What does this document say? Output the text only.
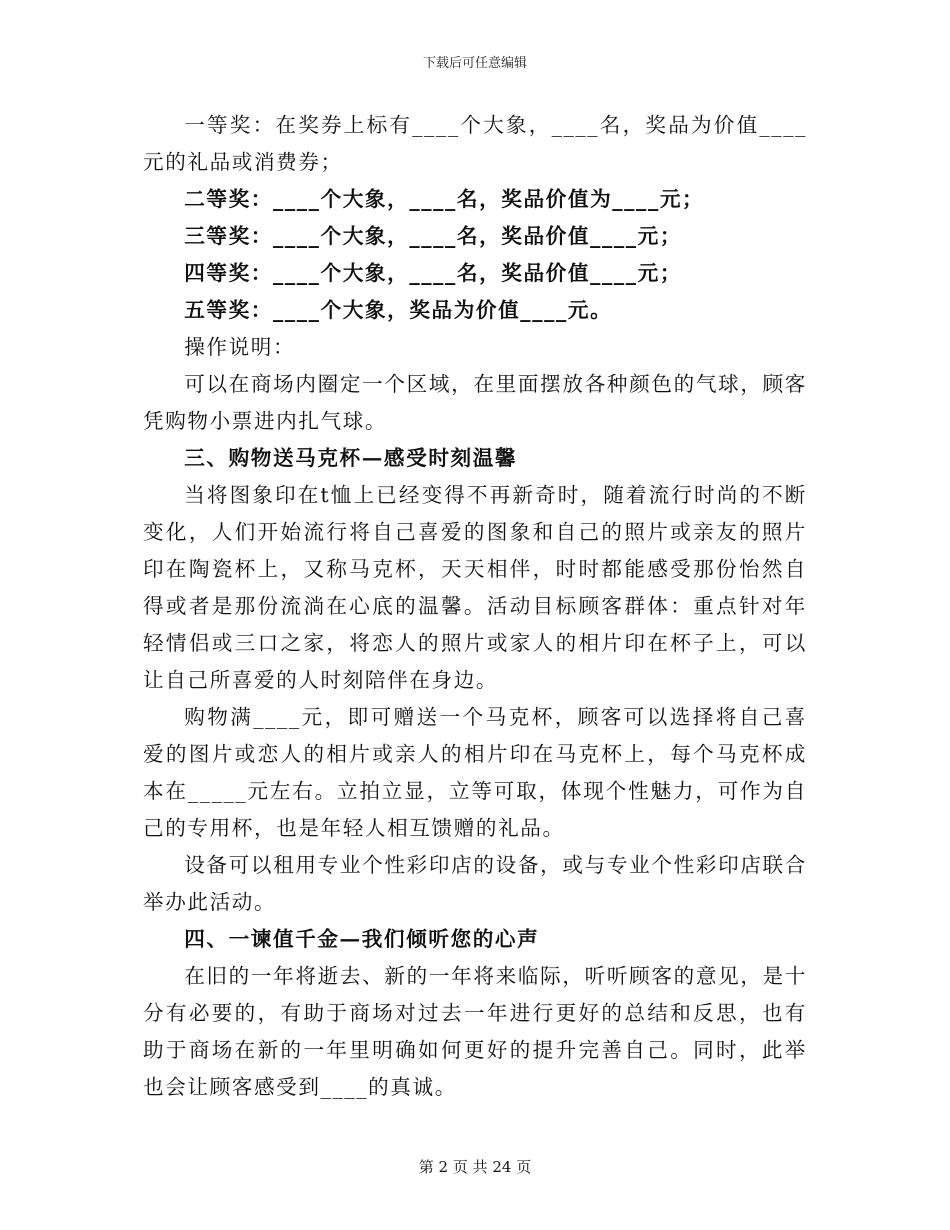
下载后可任意编辑

一等奖：在奖券上标有____个大象，____名，奖品为价值____元的礼品或消费券；

二等奖：____个大象，____名，奖品价值为____元；

三等奖：____个大象，____名，奖品价值____元；

四等奖：____个大象，____名，奖品价值____元；

五等奖：____个大象，奖品为价值____元。

操作说明：

可以在商场内圈定一个区域，在里面摆放各种颜色的气球，顾客凭购物小票进内扎气球。

三、购物送马克杯—感受时刻温馨

当将图象印在t恤上已经变得不再新奇时，随着流行时尚的不断变化，人们开始流行将自己喜爱的图象和自己的照片或亲友的照片印在陶瓷杯上，又称马克杯，天天相伴，时时都能感受那份怡然自得或者是那份流淌在心底的温馨。活动目标顾客群体：重点针对年轻情侣或三口之家，将恋人的照片或家人的相片印在杯子上，可以让自己所喜爱的人时刻陪伴在身边。

购物满____元，即可赠送一个马克杯，顾客可以选择将自己喜爱的图片或恋人的相片或亲人的相片印在马克杯上，每个马克杯成本在_____元左右。立拍立显，立等可取，体现个性魅力，可作为自己的专用杯，也是年轻人相互馈赠的礼品。

设备可以租用专业个性彩印店的设备，或与专业个性彩印店联合举办此活动。

四、一谏值千金—我们倾听您的心声

在旧的一年将逝去、新的一年将来临际，听听顾客的意见，是十分有必要的，有助于商场对过去一年进行更好的总结和反思，也有助于商场在新的一年里明确如何更好的提升完善自己。同时，此举也会让顾客感受到____的真诚。

第 2 页 共 24 页
